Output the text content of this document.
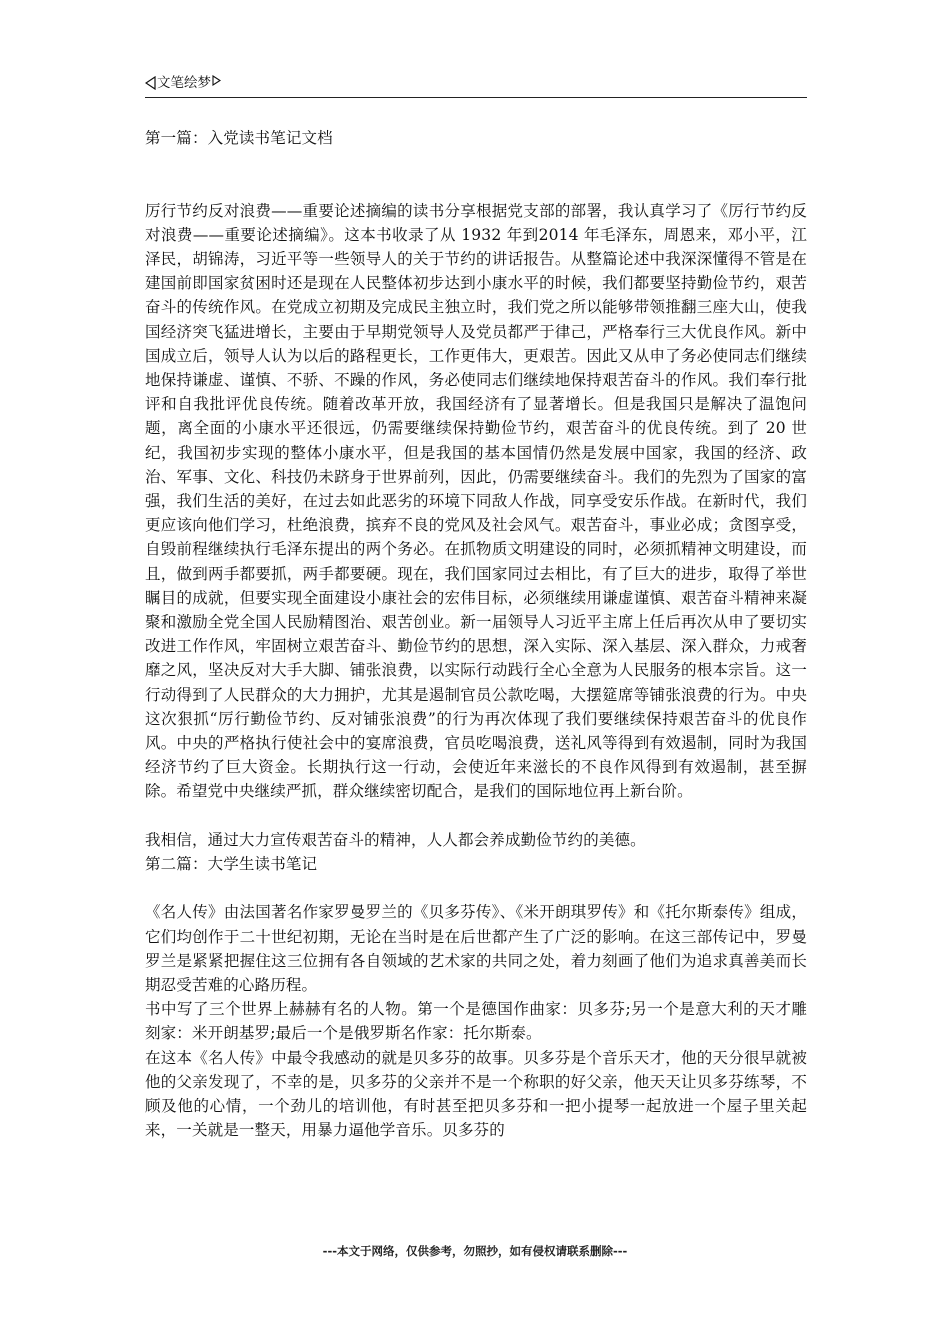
文笔绘梦

第一篇：入党读书笔记文档

厉行节约反对浪费——重要论述摘编的读书分享根据党支部的部署，我认真学习了《厉行节约反对浪费——重要论述摘编》。这本书收录了从 1932 年到2014 年毛泽东，周恩来，邓小平，江泽民，胡锦涛，习近平等一些领导人的关于节约的讲话报告。从整篇论述中我深深懂得不管是在建国前即国家贫困时还是现在人民整体初步达到小康水平的时候，我们都要坚持勤俭节约，艰苦奋斗的传统作风。在党成立初期及完成民主独立时，我们党之所以能够带领推翻三座大山，使我国经济突飞猛进增长，主要由于早期党领导人及党员都严于律己，严格奉行三大优良作风。新中国成立后，领导人认为以后的路程更长，工作更伟大，更艰苦。因此又从申了务必使同志们继续地保持谦虚、谨慎、不骄、不躁的作风，务必使同志们继续地保持艰苦奋斗的作风。我们奉行批评和自我批评优良传统。随着改革开放，我国经济有了显著增长。但是我国只是解决了温饱问题，离全面的小康水平还很远，仍需要继续保持勤俭节约，艰苦奋斗的优良传统。到了 20 世纪，我国初步实现的整体小康水平，但是我国的基本国情仍然是发展中国家，我国的经济、政治、军事、文化、科技仍未跻身于世界前列，因此，仍需要继续奋斗。我们的先烈为了国家的富强，我们生活的美好，在过去如此恶劣的环境下同敌人作战，同享受安乐作战。在新时代，我们更应该向他们学习，杜绝浪费，摈弃不良的党风及社会风气。艰苦奋斗，事业必成；贪图享受，自毁前程继续执行毛泽东提出的两个务必。在抓物质文明建设的同时，必须抓精神文明建设，而且，做到两手都要抓，两手都要硬。现在，我们国家同过去相比，有了巨大的进步，取得了举世瞩目的成就，但要实现全面建设小康社会的宏伟目标，必须继续用谦虚谨慎、艰苦奋斗精神来凝聚和激励全党全国人民励精图治、艰苦创业。新一届领导人习近平主席上任后再次从申了要切实改进工作作风，牢固树立艰苦奋斗、勤俭节约的思想，深入实际、深入基层、深入群众，力戒奢靡之风，坚决反对大手大脚、铺张浪费，以实际行动践行全心全意为人民服务的根本宗旨。这一行动得到了人民群众的大力拥护，尤其是遏制官员公款吃喝，大摆筵席等铺张浪费的行为。中央这次狠抓“厉行勤俭节约、反对铺张浪费”的行为再次体现了我们要继续保持艰苦奋斗的优良作风。中央的严格执行使社会中的宴席浪费，官员吃喝浪费，送礼风等得到有效遏制，同时为我国经济节约了巨大资金。长期执行这一行动，会使近年来滋长的不良作风得到有效遏制，甚至摒除。希望党中央继续严抓，群众继续密切配合，是我们的国际地位再上新台阶。

我相信，通过大力宣传艰苦奋斗的精神，人人都会养成勤俭节约的美德。

第二篇：大学生读书笔记

《名人传》由法国著名作家罗曼罗兰的《贝多芬传》、《米开朗琪罗传》和《托尔斯泰传》组成，它们均创作于二十世纪初期，无论在当时是在后世都产生了广泛的影响。在这三部传记中，罗曼罗兰是紧紧把握住这三位拥有各自领域的艺术家的共同之处，着力刻画了他们为追求真善美而长期忍受苦难的心路历程。

书中写了三个世界上赫赫有名的人物。第一个是德国作曲家：贝多芬;另一个是意大利的天才雕刻家：米开朗基罗;最后一个是俄罗斯名作家：托尔斯泰。

在这本《名人传》中最令我感动的就是贝多芬的故事。贝多芬是个音乐天才，他的天分很早就被他的父亲发现了，不幸的是，贝多芬的父亲并不是一个称职的好父亲，他天天让贝多芬练琴，不顾及他的心情，一个劲儿的培训他，有时甚至把贝多芬和一把小提琴一起放进一个屋子里关起来，一关就是一整天，用暴力逼他学音乐。贝多芬的

---本文于网络，仅供参考，勿照抄，如有侵权请联系删除---
